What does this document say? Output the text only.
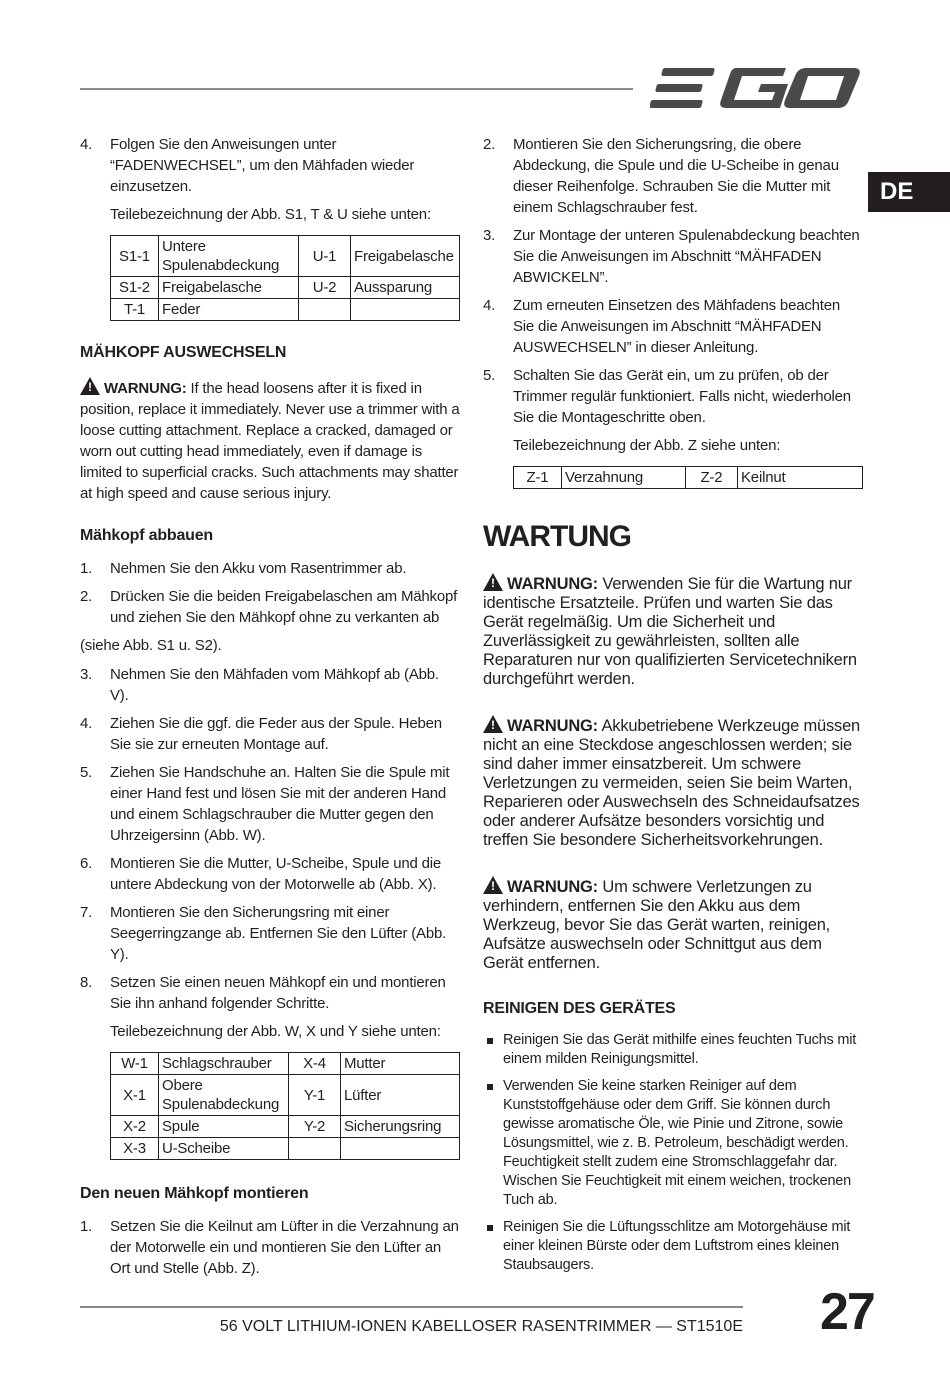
DE
4.	Folgen Sie den Anweisungen unter “FADENWECHSEL”, um den Mähfaden wieder einzusetzen.

Teilebezeichnung der Abb. S1, T & U siehe unten:

S1-1	Untere Spulenabdeckung	U-1	Freigabelasche
S1-2	Freigabelasche	U-2	Aussparung
T-1	Feder		
MÄHKOPF AUSWECHSELN
! WARNUNG: If the head loosens after it is fixed in position, replace it immediately. Never use a trimmer with a loose cutting attachment. Replace a cracked, damaged or worn out cutting head immediately, even if damage is limited to superficial cracks. Such attachments may shatter at high speed and cause serious injury.
Mähkopf abbauen
1.	Nehmen Sie den Akku vom Rasentrimmer ab.
2.	Drücken Sie die beiden Freigabelaschen am Mähkopf und ziehen Sie den Mähkopf ohne zu verkanten ab
(siehe Abb. S1 u. S2).
3.	Nehmen Sie den Mähfaden vom Mähkopf ab (Abb. V).
4.	Ziehen Sie die ggf. die Feder aus der Spule. Heben Sie sie zur erneuten Montage auf.
5.	Ziehen Sie Handschuhe an. Halten Sie die Spule mit einer Hand fest und lösen Sie mit der anderen Hand und einem Schlagschrauber die Mutter gegen den Uhrzeigersinn (Abb. W).
6.	Montieren Sie die Mutter, U-Scheibe, Spule und die untere Abdeckung von der Motorwelle ab (Abb. X).
7.	Montieren Sie den Sicherungsring mit einer Seegerringzange ab. Entfernen Sie den Lüfter (Abb. Y).
8.	Setzen Sie einen neuen Mähkopf ein und montieren Sie ihn anhand folgender Schritte.

Teilebezeichnung der Abb. W, X und Y siehe unten:

W-1	Schlagschrauber	X-4	Mutter
X-1	Obere Spulenabdeckung	Y-1	Lüfter
X-2	Spule	Y-2	Sicherungsring
X-3	U-Scheibe		
Den neuen Mähkopf montieren
1.	Setzen Sie die Keilnut am Lüfter in die Verzahnung an der Motorwelle ein und montieren Sie den Lüfter an Ort und Stelle (Abb. Z).
2.	Montieren Sie den Sicherungsring, die obere Abdeckung, die Spule und die U-Scheibe in genau dieser Reihenfolge. Schrauben Sie die Mutter mit einem Schlagschrauber fest.
3.	Zur Montage der unteren Spulenabdeckung beachten Sie die Anweisungen im Abschnitt “MÄHFADEN ABWICKELN”.
4.	Zum erneuten Einsetzen des Mähfadens beachten Sie die Anweisungen im Abschnitt “MÄHFADEN AUSWECHSELN” in dieser Anleitung.
5.	Schalten Sie das Gerät ein, um zu prüfen, ob der Trimmer regulär funktioniert. Falls nicht, wiederholen Sie die Montageschritte oben.

Teilebezeichnung der Abb. Z siehe unten:

Z-1	Verzahnung	Z-2	Keilnut
WARTUNG
! WARNUNG: Verwenden Sie für die Wartung nur identische Ersatzteile. Prüfen und warten Sie das Gerät regelmäßig. Um die Sicherheit und Zuverlässigkeit zu gewährleisten, sollten alle Reparaturen nur von qualifizierten Servicetechnikern durchgeführt werden.
! WARNUNG: Akkubetriebene Werkzeuge müssen nicht an eine Steckdose angeschlossen werden; sie sind daher immer einsatzbereit. Um schwere Verletzungen zu vermeiden, seien Sie beim Warten, Reparieren oder Auswechseln des Schneidaufsatzes oder anderer Aufsätze besonders vorsichtig und treffen Sie besondere Sicherheitsvorkehrungen.
! WARNUNG: Um schwere Verletzungen zu verhindern, entfernen Sie den Akku aus dem Werkzeug, bevor Sie das Gerät warten, reinigen, Aufsätze auswechseln oder Schnittgut aus dem Gerät entfernen.
REINIGEN DES GERÄTES
Reinigen Sie das Gerät mithilfe eines feuchten Tuchs mit einem milden Reinigungsmittel.
Verwenden Sie keine starken Reiniger auf dem Kunststoffgehäuse oder dem Griff. Sie können durch gewisse aromatische Öle, wie Pinie und Zitrone, sowie Lösungsmittel, wie z. B. Petroleum, beschädigt werden. Feuchtigkeit stellt zudem eine Stromschlaggefahr dar. Wischen Sie Feuchtigkeit mit einem weichen, trockenen Tuch ab.
Reinigen Sie die Lüftungsschlitze am Motorgehäuse mit einer kleinen Bürste oder dem Luftstrom eines kleinen Staubsaugers.
56 VOLT LITHIUM-IONEN KABELLOSER RASENTRIMMER — ST1510E 27
